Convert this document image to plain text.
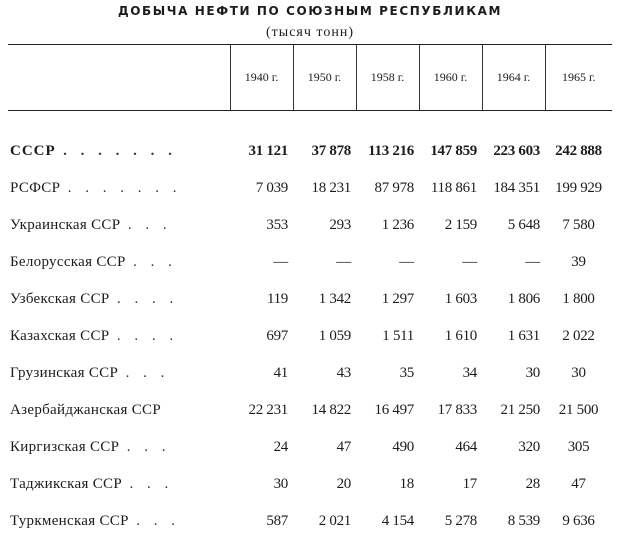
ДОБЫЧА НЕФТИ ПО СОЮЗНЫМ РЕСПУБЛИКАМ
(тысяч тонн)
	1940 г.	1950 г.	1958 г.	1960 г.	1964 г.	1965 г.
СССР . . . . . . .	31 121	37 878	113 216	147 859	223 603	242 888
РСФСР . . . . . . .	7 039	18 231	87 978	118 861	184 351	199 929
Украинская ССР . . .	353	293	1 236	2 159	5 648	7 580
Белорусская ССР . . .	—	—	—	—	—	39
Узбекская ССР . . . .	119	1 342	1 297	1 603	1 806	1 800
Казахская ССР . . . .	697	1 059	1 511	1 610	1 631	2 022
Грузинская ССР . . .	41	43	35	34	30	30
Азербайджанская ССР	22 231	14 822	16 497	17 833	21 250	21 500
Киргизская ССР . . .	24	47	490	464	320	305
Таджикская ССР . . .	30	20	18	17	28	47
Туркменская ССР . . .	587	2 021	4 154	5 278	8 539	9 636
